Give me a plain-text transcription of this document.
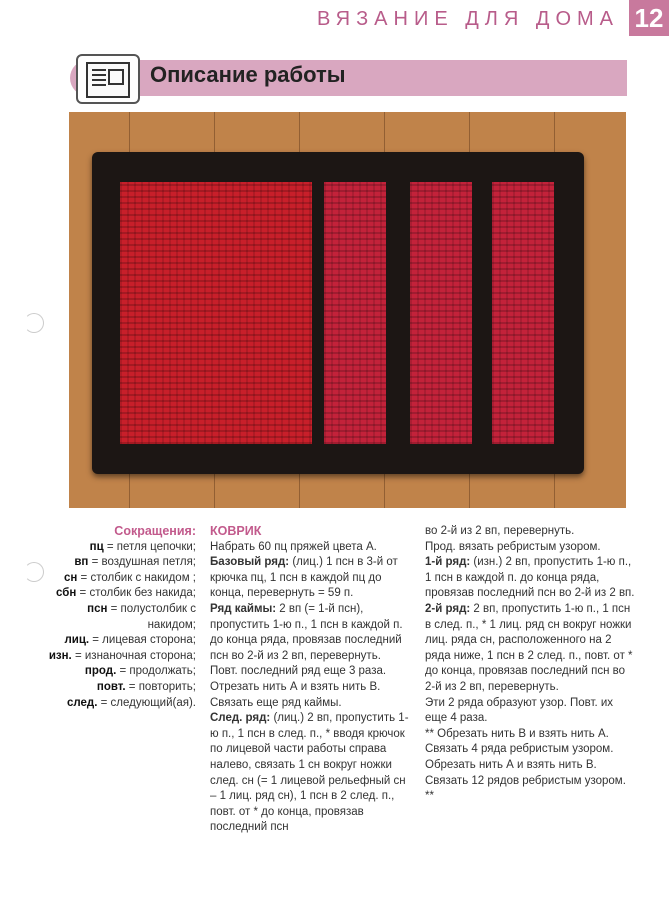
ВЯЗАНИЕ ДЛЯ ДОМА 12
Описание работы
Сокращения:
пц = петля цепочки;
вп = воздушная петля;
сн = столбик с накидом ;
сбн = столбик без накида;
псн = полустолбик с накидом;
лиц. = лицевая сторона;
изн. = изнаночная сторона;
прод. = продолжать;
повт. = повторить;
след. = следующий(ая).
КОВРИК
Набрать 60 пц пряжей цвета А.
Базовый ряд: (лиц.) 1 псн в 3-й от крючка пц, 1 псн в каждой пц до конца, перевернуть = 59 п.
Ряд каймы: 2 вп (= 1-й псн), пропустить 1-ю п., 1 псн в каждой п. до конца ряда, провязав последний псн во 2-й из 2 вп, перевернуть.
Повт. последний ряд еще 3 раза. Отрезать нить А и взять нить В. Связать еще ряд каймы.
След. ряд: (лиц.) 2 вп, пропустить 1-ю п., 1 псн в след. п., * вводя крючок по лицевой части работы справа налево, связать 1 сн вокруг ножки след. сн (= 1 лицевой рельефный сн – 1 лиц. ряд сн), 1 псн в 2 след. п., повт. от * до конца, провязав последний псн
во 2-й из 2 вп, перевернуть.
Прод. вязать ребристым узором.
1-й ряд: (изн.) 2 вп, пропустить 1-ю п., 1 псн в каждой п. до конца ряда, провязав последний псн во 2-й из 2 вп.
2-й ряд: 2 вп, пропустить 1-ю п., 1 псн в след. п., * 1 лиц. ряд сн вокруг ножки лиц. ряда сн, расположенного на 2 ряда ниже, 1 псн в 2 след. п., повт. от * до конца, провязав последний псн во 2-й из 2 вп, перевернуть.
Эти 2 ряда образуют узор. Повт. их еще 4 раза.
** Обрезать нить В и взять нить А. Связать 4 ряда ребристым узором. Обрезать нить А и взять нить В. Связать 12 рядов ребристым узором. **
